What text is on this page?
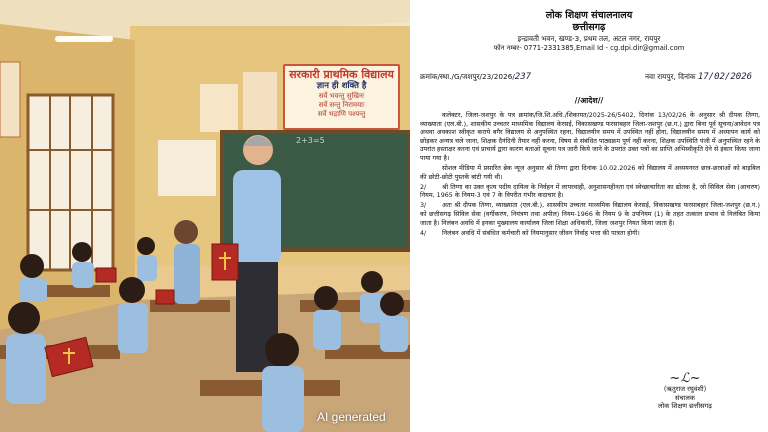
सरकारी प्राथमिक विद्यालय
ज्ञान ही शक्ति है
सर्वे भवन्तु सुखिनः
सर्वे सन्तु निरामयाः
सर्वे भद्राणि पश्यन्तु
2+3=5
AI generated
लोक शिक्षण संचालनालय
छत्तीसगढ़
इन्द्रावती भवन, खण्ड-3, प्रथम तल, अटल नगर, रायपुर
फोन नम्बर- 0771-2331385,Email Id - cg.dpi.dir@gmail.com
क्रमांक/स्था./G/जशपुर/23/2026/237	नवा रायपुर, दिनांक 17/02/2026
//आदेश//
कलेक्टर, जिला-जशपुर के पत्र क्रमांक/जि.शि.अधि./शिकायत/2025-26/5402, दिनांक 13/02/26 के अनुसार श्री दीपक तिग्गा, व्याख्याता (एल.बी.), शासकीय उच्चतर माध्यमिक विद्यालय केरसई, विकासखण्ड फरसाबहार जिला-जशपुर (छ.ग.) द्वारा बिना पूर्व सूचना/आवेदन पत्र अथवा अवकाश स्वीकृत कराये बगैर विद्यालय से अनुपस्थित रहना, विद्यालयीन समय में उपस्थित नहीं होना, विद्यालयीन समय में अध्यापन कार्य को छोड़कर अन्यत्र चले जाना, शिक्षक दैनंदिनी तैयार नहीं करना, विषय से संबंधित पाठ्यक्रम पूर्ण नहीं करना, शिक्षक उपस्थिति पंजी में अनुपस्थित रहने के उपरांत हस्ताक्षर करना एवं प्राचार्य द्वारा कारण बताओ सूचना पत्र जारी किये जाने के उपरांत उक्त पत्रों का प्राप्ति अभिस्वीकृति देने से इंकार किया जाना पाया गया है।
सोशल मीडिया में प्रसारित ब्रेक न्यूज अनुसार श्री तिग्गा द्वारा दिनांक 10.02.2026 को विद्यालय में अध्ययनरत छात्र-छात्राओं को बाइबिल की छोटी-छोटी पुस्तकें बांटी गयी थी।
2/ श्री तिग्गा का उक्त कृत्य पदीय दायित्व के निर्वहन में लापरवाही, अनुशासनहीनता एवं स्वेच्छाचारिता का द्योतक है, जो सिविल सेवा (आचरण) नियम, 1965 के नियम-3 एवं 7 के विपरीत गंभीर कदाचार है।
3/ अतः श्री दीपक तिग्गा, व्याख्याता (एल.बी.), शासकीय उच्चतर माध्यमिक विद्यालय केरसई, विकासखण्ड फरसाबहार जिला-जशपुर (छ.ग.) को छत्तीसगढ़ सिविल सेवा (वर्गीकरण, नियंत्रण तथा अपील) नियम-1966 के नियम 9 के उपनियम (1) के तहत तत्काल प्रभाव से निलंबित किया जाता है। निलंबन अवधि में इनका मुख्यालय कार्यालय जिला शिक्षा अधिकारी, जिला जशपुर नियत किया जाता है।
4/ निलंबन अवधि में संबंधित कर्मचारी को नियमानुसार जीवन निर्वाह भत्ता की पात्रता होगी।
~ℒ~
(ऋतुराज रघुवंशी)
संचालक
लोक शिक्षण छत्तीसगढ़
